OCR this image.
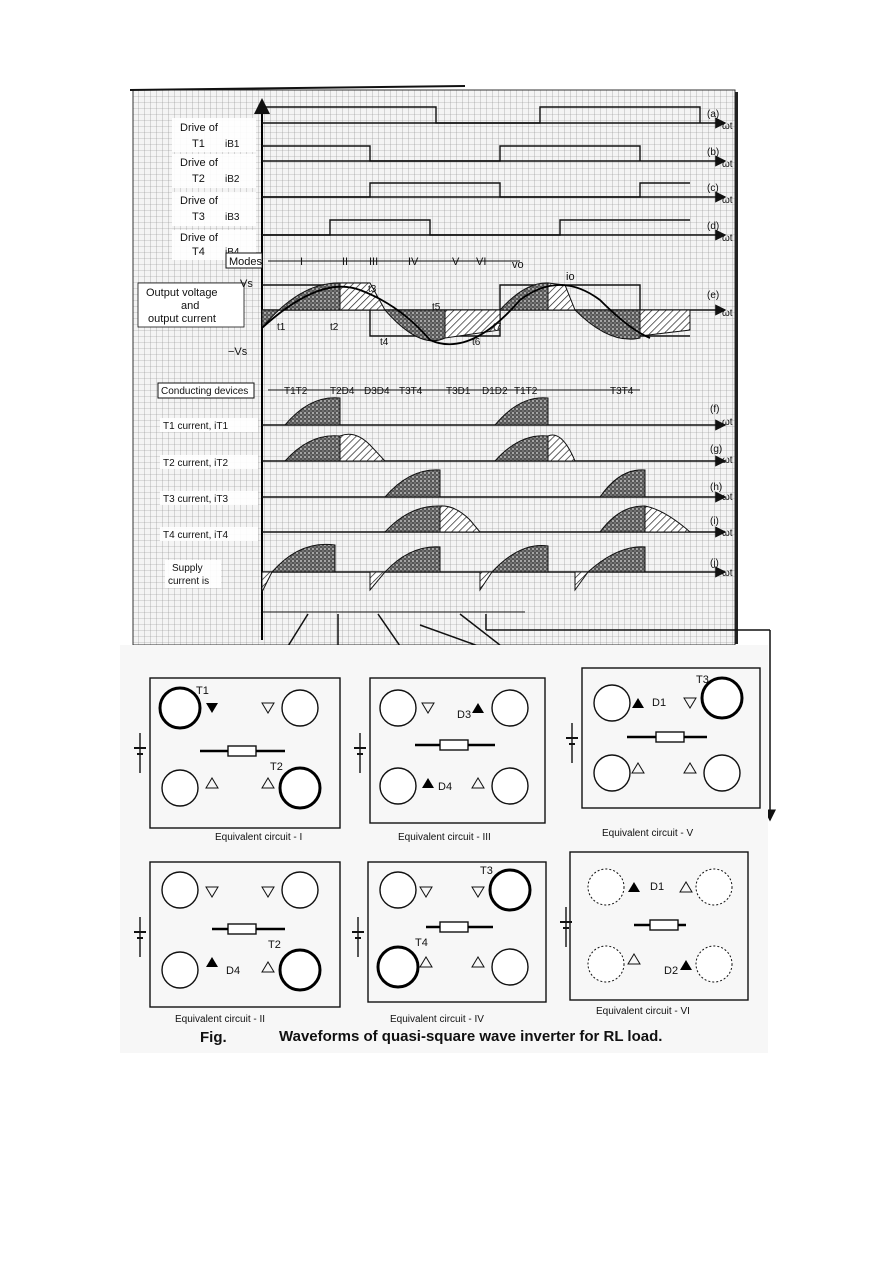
Drive of
T1 iB1
Drive of
T2 iB2
Drive of
T3 iB3
Drive of
T4
(a)
ωt
(b)
ωt
(c)
ωt
(d)
ωt
Modes	I	II III	IV	V VI
Output voltage
and
output current
Vs
−Vs
vo
io
(e)
ωt
t1	t2
t3
t4
t5
t6
t7
Conducting devices	T1T2 T2D4 D3D4 T3T4 T3D1 D1D2 T1T2	T3T4
T1 current, iT1
T2 current, iT2
T3 current, iT3
T4 current, iT4
Supply
current is
(f)
ωt
(g)
ωt
(h)
ωt
(i)
ωt
(j)
ωt
T1
T2
Equivalent circuit - I
D3
D4
Equivalent circuit - III
D1
T3
Equivalent circuit - V
T2
D4
Equivalent circuit - II
T3
T4
Equivalent circuit - IV
D1
D2
Equivalent circuit - VI
Fig.	Waveforms of quasi-square wave inverter for RL load.
